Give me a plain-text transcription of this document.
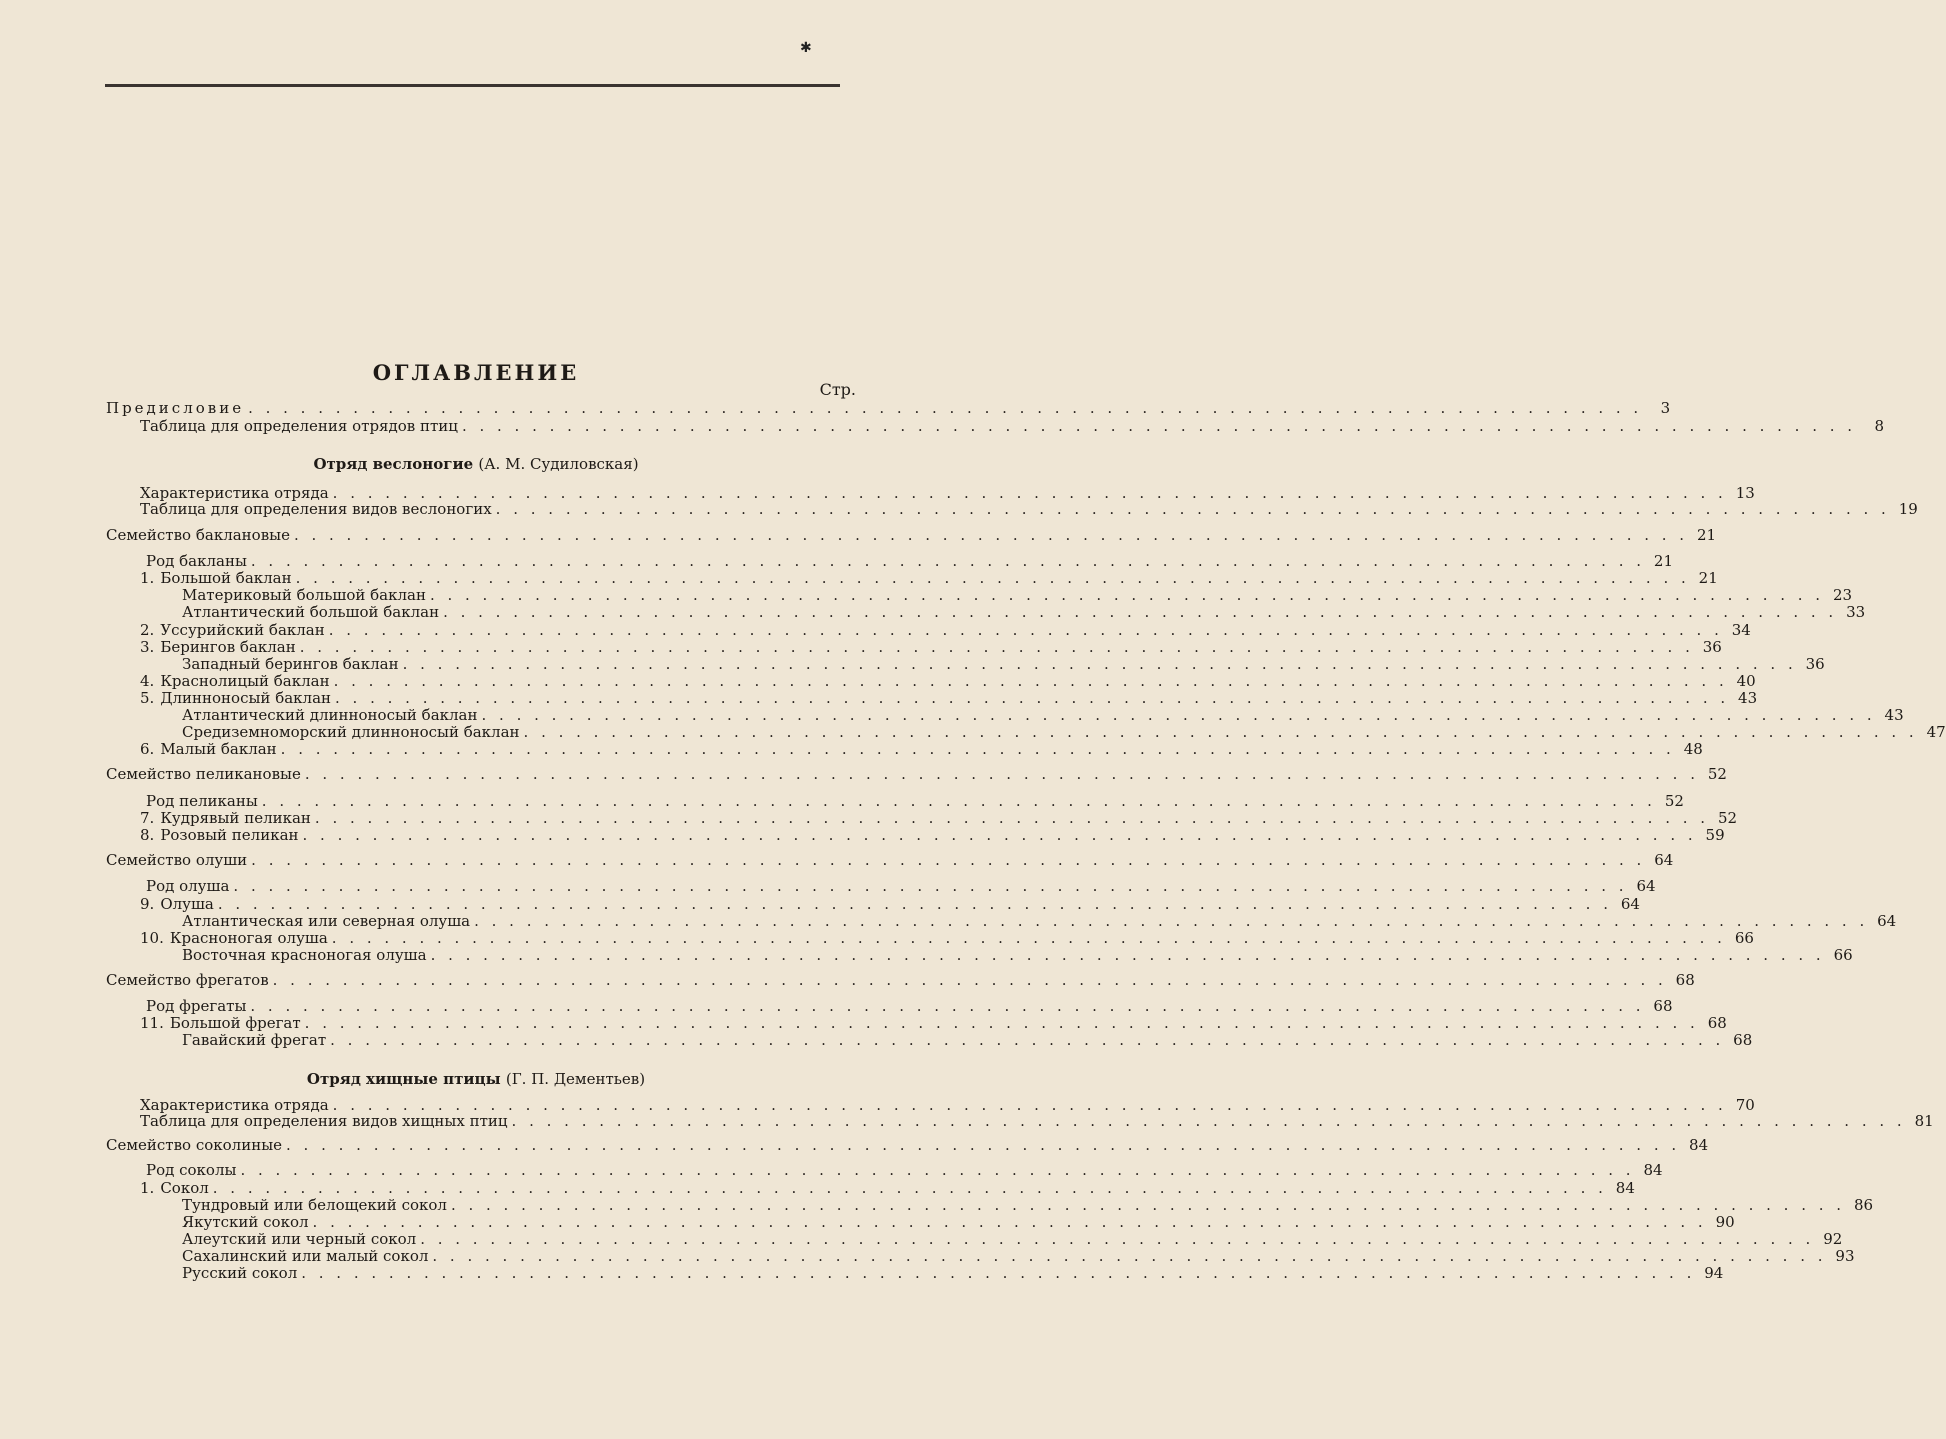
✱
ОГЛАВЛЕНИЕ
Стр.
Предисловие . . . . . . . . . . . . . . . . . . . . . . . . . . . . . . . . . . . . . . . . . . . . . . . . . . . . . . . . . . . . . . . . . . . . . . . . . . . . . . . .	3
Таблица для определения отрядов птиц . . . . . . . . . . . . . . . . . . . . . . . . . . . . . . . . . . . . . . . . . . . . . . . . . . . . . . . . . . . . . . . . . . . . . . . . . . . . . . . .	8
Отряд веслоногие (А. М. Судиловская)
Характеристика отряда . . . . . . . . . . . . . . . . . . . . . . . . . . . . . . . . . . . . . . . . . . . . . . . . . . . . . . . . . . . . . . . . . . . . . . . . . . . . . . . . 13
Таблица для определения видов веслоногих . . . . . . . . . . . . . . . . . . . . . . . . . . . . . . . . . . . . . . . . . . . . . . . . . . . . . . . . . . . . . . . . . . . . . . . . . . . . . . . . 19
Семейство баклановые . . . . . . . . . . . . . . . . . . . . . . . . . . . . . . . . . . . . . . . . . . . . . . . . . . . . . . . . . . . . . . . . . . . . . . . . . . . . . . . . 21
Род бакланы . . . . . . . . . . . . . . . . . . . . . . . . . . . . . . . . . . . . . . . . . . . . . . . . . . . . . . . . . . . . . . . . . . . . . . . . . . . . . . . . 21
1. Большой баклан . . . . . . . . . . . . . . . . . . . . . . . . . . . . . . . . . . . . . . . . . . . . . . . . . . . . . . . . . . . . . . . . . . . . . . . . . . . . . . . . 21
Материковый большой баклан . . . . . . . . . . . . . . . . . . . . . . . . . . . . . . . . . . . . . . . . . . . . . . . . . . . . . . . . . . . . . . . . . . . . . . . . . . . . . . . . 23
Атлантический большой баклан . . . . . . . . . . . . . . . . . . . . . . . . . . . . . . . . . . . . . . . . . . . . . . . . . . . . . . . . . . . . . . . . . . . . . . . . . . . . . . . . 33
2. Уссурийский баклан . . . . . . . . . . . . . . . . . . . . . . . . . . . . . . . . . . . . . . . . . . . . . . . . . . . . . . . . . . . . . . . . . . . . . . . . . . . . . . . . 34
3. Берингов баклан . . . . . . . . . . . . . . . . . . . . . . . . . . . . . . . . . . . . . . . . . . . . . . . . . . . . . . . . . . . . . . . . . . . . . . . . . . . . . . . . 36
Западный берингов баклан . . . . . . . . . . . . . . . . . . . . . . . . . . . . . . . . . . . . . . . . . . . . . . . . . . . . . . . . . . . . . . . . . . . . . . . . . . . . . . . . 36
4. Краснолицый баклан . . . . . . . . . . . . . . . . . . . . . . . . . . . . . . . . . . . . . . . . . . . . . . . . . . . . . . . . . . . . . . . . . . . . . . . . . . . . . . . . 40
5. Длинноносый баклан . . . . . . . . . . . . . . . . . . . . . . . . . . . . . . . . . . . . . . . . . . . . . . . . . . . . . . . . . . . . . . . . . . . . . . . . . . . . . . . . 43
Атлантический длинноносый баклан . . . . . . . . . . . . . . . . . . . . . . . . . . . . . . . . . . . . . . . . . . . . . . . . . . . . . . . . . . . . . . . . . . . . . . . . . . . . . . . . 43
Средиземноморский длинноносый баклан . . . . . . . . . . . . . . . . . . . . . . . . . . . . . . . . . . . . . . . . . . . . . . . . . . . . . . . . . . . . . . . . . . . . . . . . . . . . . . . . 47
6. Малый баклан . . . . . . . . . . . . . . . . . . . . . . . . . . . . . . . . . . . . . . . . . . . . . . . . . . . . . . . . . . . . . . . . . . . . . . . . . . . . . . . . 48
Семейство пеликановые . . . . . . . . . . . . . . . . . . . . . . . . . . . . . . . . . . . . . . . . . . . . . . . . . . . . . . . . . . . . . . . . . . . . . . . . . . . . . . . . 52
Род пеликаны . . . . . . . . . . . . . . . . . . . . . . . . . . . . . . . . . . . . . . . . . . . . . . . . . . . . . . . . . . . . . . . . . . . . . . . . . . . . . . . . 52
7. Кудрявый пеликан . . . . . . . . . . . . . . . . . . . . . . . . . . . . . . . . . . . . . . . . . . . . . . . . . . . . . . . . . . . . . . . . . . . . . . . . . . . . . . . . 52
8. Розовый пеликан . . . . . . . . . . . . . . . . . . . . . . . . . . . . . . . . . . . . . . . . . . . . . . . . . . . . . . . . . . . . . . . . . . . . . . . . . . . . . . . . 59
Семейство олуши . . . . . . . . . . . . . . . . . . . . . . . . . . . . . . . . . . . . . . . . . . . . . . . . . . . . . . . . . . . . . . . . . . . . . . . . . . . . . . . . 64
Род олуша . . . . . . . . . . . . . . . . . . . . . . . . . . . . . . . . . . . . . . . . . . . . . . . . . . . . . . . . . . . . . . . . . . . . . . . . . . . . . . . . 64
9. Олуша . . . . . . . . . . . . . . . . . . . . . . . . . . . . . . . . . . . . . . . . . . . . . . . . . . . . . . . . . . . . . . . . . . . . . . . . . . . . . . . . 64
Атлантическая или северная олуша . . . . . . . . . . . . . . . . . . . . . . . . . . . . . . . . . . . . . . . . . . . . . . . . . . . . . . . . . . . . . . . . . . . . . . . . . . . . . . . . 64
10. Красноногая олуша . . . . . . . . . . . . . . . . . . . . . . . . . . . . . . . . . . . . . . . . . . . . . . . . . . . . . . . . . . . . . . . . . . . . . . . . . . . . . . . . 66
Восточная красноногая олуша . . . . . . . . . . . . . . . . . . . . . . . . . . . . . . . . . . . . . . . . . . . . . . . . . . . . . . . . . . . . . . . . . . . . . . . . . . . . . . . . 66
Семейство фрегатов . . . . . . . . . . . . . . . . . . . . . . . . . . . . . . . . . . . . . . . . . . . . . . . . . . . . . . . . . . . . . . . . . . . . . . . . . . . . . . . . 68
Род фрегаты . . . . . . . . . . . . . . . . . . . . . . . . . . . . . . . . . . . . . . . . . . . . . . . . . . . . . . . . . . . . . . . . . . . . . . . . . . . . . . . . 68
11. Большой фрегат . . . . . . . . . . . . . . . . . . . . . . . . . . . . . . . . . . . . . . . . . . . . . . . . . . . . . . . . . . . . . . . . . . . . . . . . . . . . . . . . 68
Гавайский фрегат . . . . . . . . . . . . . . . . . . . . . . . . . . . . . . . . . . . . . . . . . . . . . . . . . . . . . . . . . . . . . . . . . . . . . . . . . . . . . . . . 68
Отряд хищные птицы (Г. П. Дементьев)
Характеристика отряда . . . . . . . . . . . . . . . . . . . . . . . . . . . . . . . . . . . . . . . . . . . . . . . . . . . . . . . . . . . . . . . . . . . . . . . . . . . . . . . . 70
Таблица для определения видов хищных птиц . . . . . . . . . . . . . . . . . . . . . . . . . . . . . . . . . . . . . . . . . . . . . . . . . . . . . . . . . . . . . . . . . . . . . . . . . . . . . . . . 81
Семейство соколиные . . . . . . . . . . . . . . . . . . . . . . . . . . . . . . . . . . . . . . . . . . . . . . . . . . . . . . . . . . . . . . . . . . . . . . . . . . . . . . . . 84
Род соколы . . . . . . . . . . . . . . . . . . . . . . . . . . . . . . . . . . . . . . . . . . . . . . . . . . . . . . . . . . . . . . . . . . . . . . . . . . . . . . . . 84
1. Сокол . . . . . . . . . . . . . . . . . . . . . . . . . . . . . . . . . . . . . . . . . . . . . . . . . . . . . . . . . . . . . . . . . . . . . . . . . . . . . . . . 84
Тундровый или белощекий сокол . . . . . . . . . . . . . . . . . . . . . . . . . . . . . . . . . . . . . . . . . . . . . . . . . . . . . . . . . . . . . . . . . . . . . . . . . . . . . . . . 86
Якутский сокол . . . . . . . . . . . . . . . . . . . . . . . . . . . . . . . . . . . . . . . . . . . . . . . . . . . . . . . . . . . . . . . . . . . . . . . . . . . . . . . . 90
Алеутский или черный сокол . . . . . . . . . . . . . . . . . . . . . . . . . . . . . . . . . . . . . . . . . . . . . . . . . . . . . . . . . . . . . . . . . . . . . . . . . . . . . . . . 92
Сахалинский или малый сокол . . . . . . . . . . . . . . . . . . . . . . . . . . . . . . . . . . . . . . . . . . . . . . . . . . . . . . . . . . . . . . . . . . . . . . . . . . . . . . . . 93
Русский сокол . . . . . . . . . . . . . . . . . . . . . . . . . . . . . . . . . . . . . . . . . . . . . . . . . . . . . . . . . . . . . . . . . . . . . . . . . . . . . . . . 94
